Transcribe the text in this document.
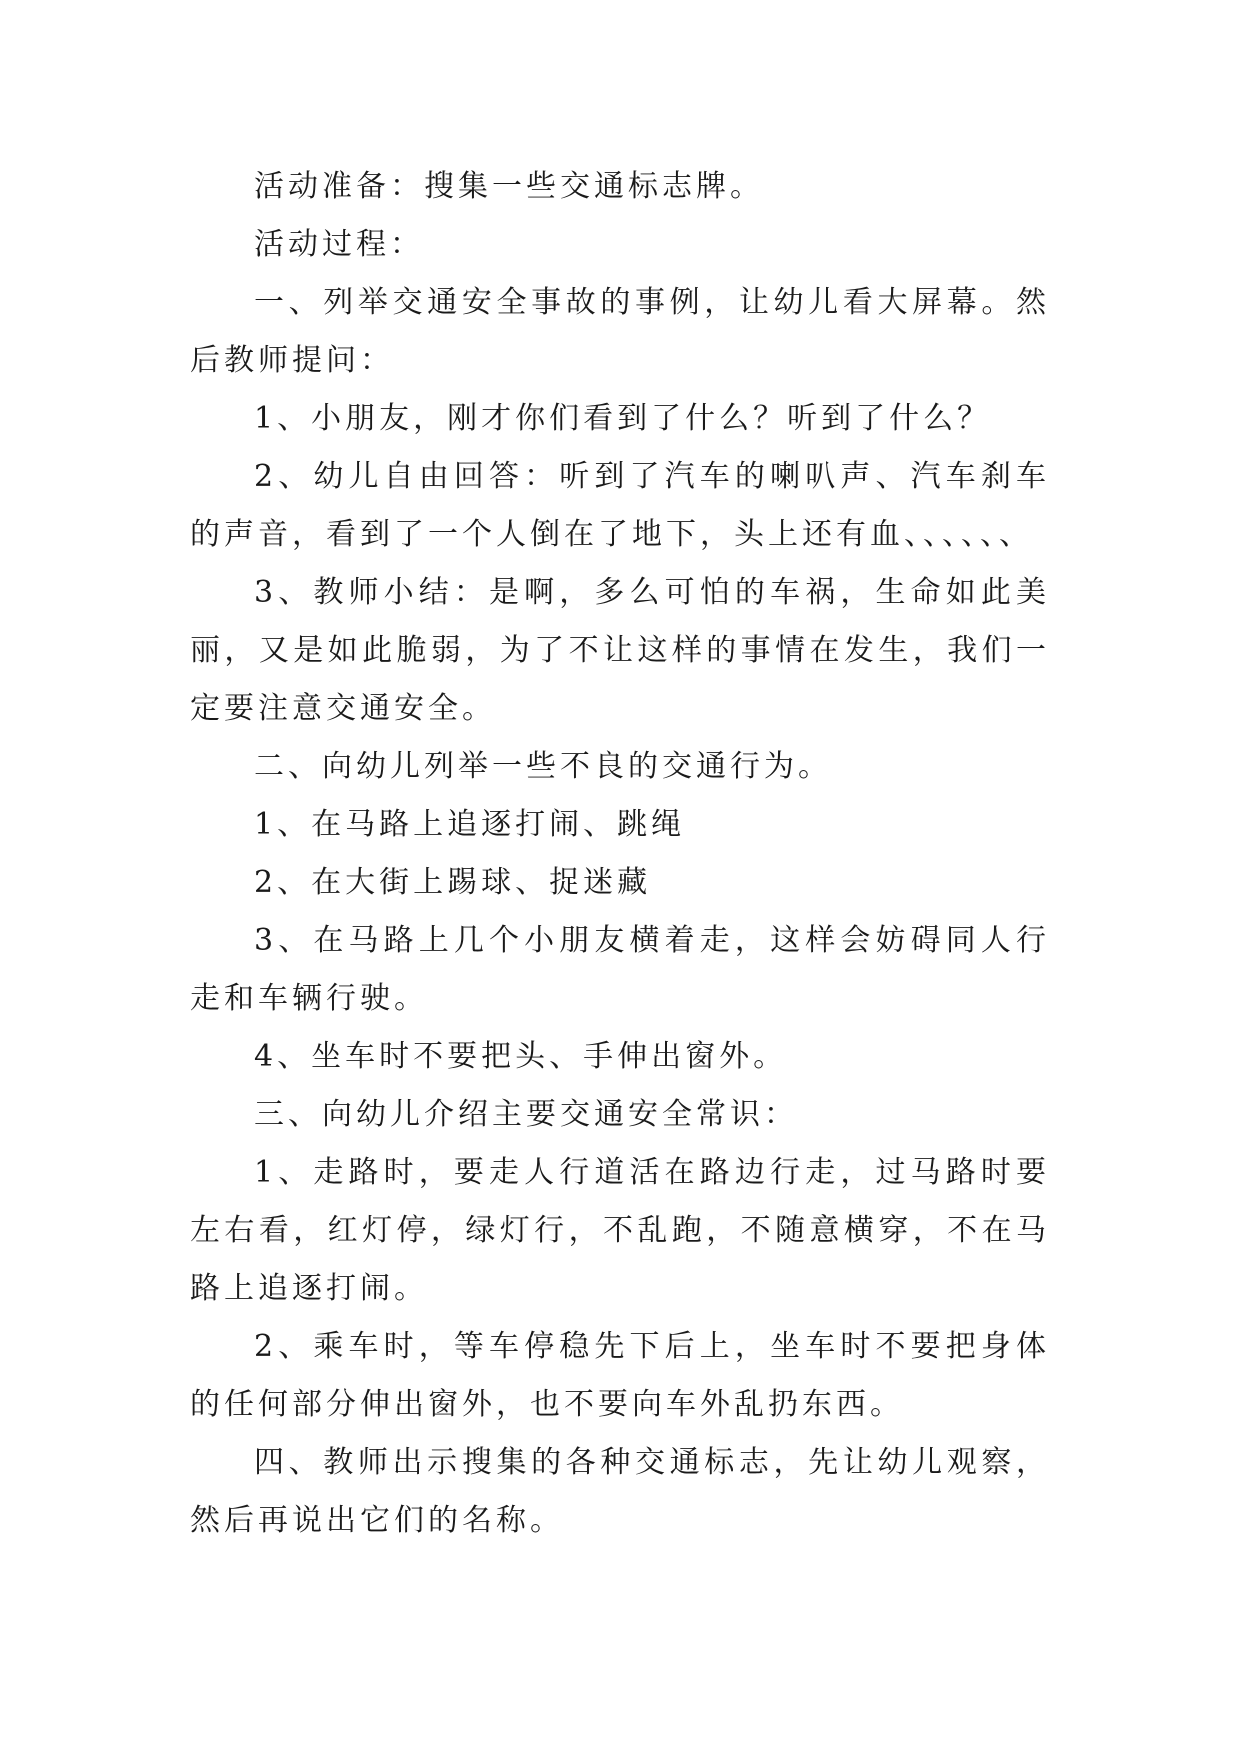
活动准备：搜集一些交通标志牌。

活动过程：

一、列举交通安全事故的事例，让幼儿看大屏幕。然后教师提问：

1、小朋友，刚才你们看到了什么？听到了什么？

2、幼儿自由回答：听到了汽车的喇叭声、汽车刹车的声音，看到了一个人倒在了地下，头上还有血、、、、、、

3、教师小结：是啊，多么可怕的车祸，生命如此美丽，又是如此脆弱，为了不让这样的事情在发生，我们一定要注意交通安全。

二、向幼儿列举一些不良的交通行为。

1、在马路上追逐打闹、跳绳

2、在大街上踢球、捉迷藏

3、在马路上几个小朋友横着走，这样会妨碍同人行走和车辆行驶。

4、坐车时不要把头、手伸出窗外。

三、向幼儿介绍主要交通安全常识：

1、走路时，要走人行道活在路边行走，过马路时要左右看，红灯停，绿灯行，不乱跑，不随意横穿，不在马路上追逐打闹。

2、乘车时，等车停稳先下后上，坐车时不要把身体的任何部分伸出窗外，也不要向车外乱扔东西。

四、教师出示搜集的各种交通标志，先让幼儿观察，然后再说出它们的名称。
